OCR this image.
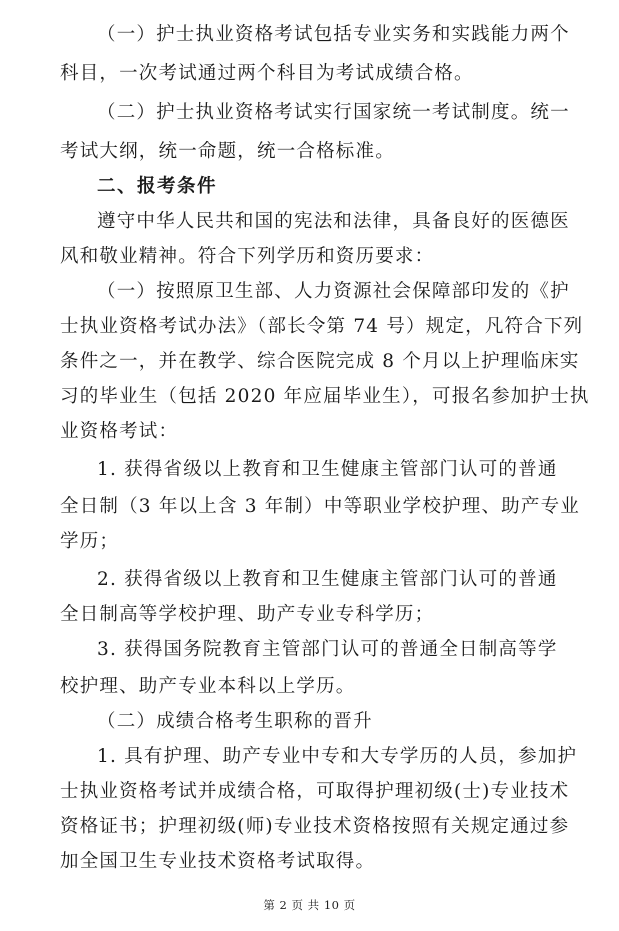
（一）护士执业资格考试包括专业实务和实践能力两个
科目，一次考试通过两个科目为考试成绩合格。
（二）护士执业资格考试实行国家统一考试制度。统一
考试大纲，统一命题，统一合格标准。
二、报考条件
遵守中华人民共和国的宪法和法律，具备良好的医德医
风和敬业精神。符合下列学历和资历要求：
（一）按照原卫生部、人力资源社会保障部印发的《护
士执业资格考试办法》（部长令第 74 号）规定，凡符合下列
条件之一，并在教学、综合医院完成 8 个月以上护理临床实
习的毕业生（包括 2020 年应届毕业生），可报名参加护士执
业资格考试：
1. 获得省级以上教育和卫生健康主管部门认可的普通
全日制（3 年以上含 3 年制）中等职业学校护理、助产专业
学历；
2. 获得省级以上教育和卫生健康主管部门认可的普通
全日制高等学校护理、助产专业专科学历；
3. 获得国务院教育主管部门认可的普通全日制高等学
校护理、助产专业本科以上学历。
（二）成绩合格考生职称的晋升
1. 具有护理、助产专业中专和大专学历的人员，参加护
士执业资格考试并成绩合格，可取得护理初级(士)专业技术
资格证书；护理初级(师)专业技术资格按照有关规定通过参
加全国卫生专业技术资格考试取得。
第 2 页 共 10 页
